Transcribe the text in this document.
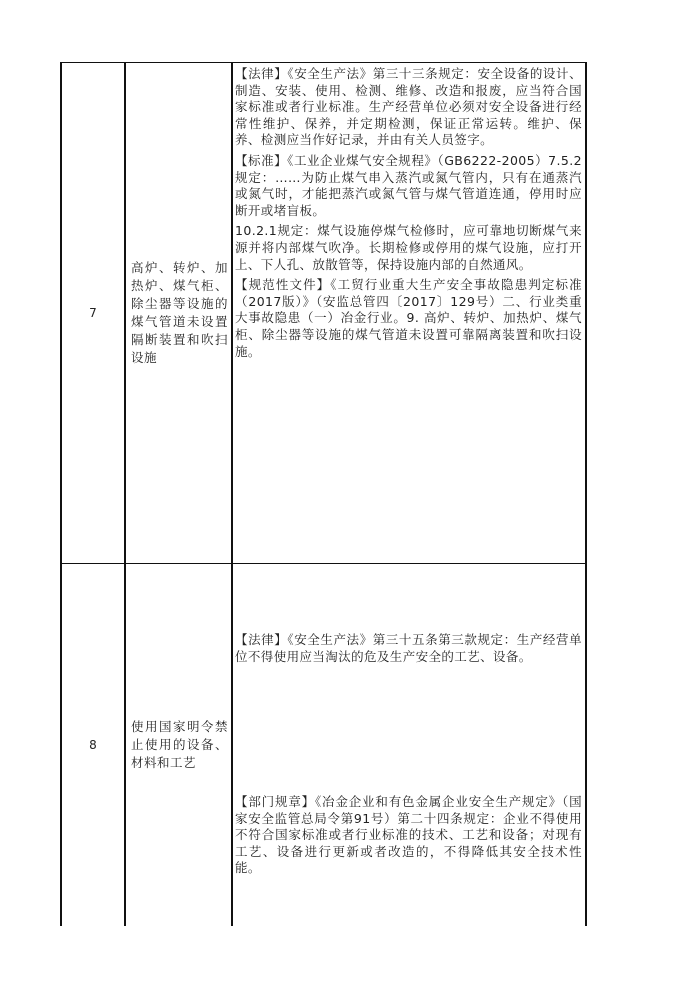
7	高炉、转炉、加热炉、煤气柜、除尘器等设施的煤气管道未设置隔断装置和吹扫设施	【法律】《安全生产法》第三十三条规定：安全设备的设计、制造、安装、使用、检测、维修、改造和报废，应当符合国家标准或者行业标准。生产经营单位必须对安全设备进行经常性维护、保养，并定期检测，保证正常运转。维护、保养、检测应当作好记录，并由有关人员签字。

【标准】《工业企业煤气安全规程》（GB6222-2005）7.5.2规定：……为防止煤气串入蒸汽或氮气管内，只有在通蒸汽或氮气时，才能把蒸汽或氮气管与煤气管道连通，停用时应断开或堵盲板。

10.2.1规定：煤气设施停煤气检修时，应可靠地切断煤气来源并将内部煤气吹净。长期检修或停用的煤气设施，应打开上、下人孔、放散管等，保持设施内部的自然通风。

【规范性文件】《工贸行业重大生产安全事故隐患判定标准（2017版）》（安监总管四〔2017〕129号）二、行业类重大事故隐患（一）冶金行业。9. 高炉、转炉、加热炉、煤气柜、除尘器等设施的煤气管道未设置可靠隔离装置和吹扫设施。

8	使用国家明令禁止使用的设备、材料和工艺	【法律】《安全生产法》第三十五条第三款规定：生产经营单位不得使用应当淘汰的危及生产安全的工艺、设备。

【部门规章】《冶金企业和有色金属企业安全生产规定》（国家安全监管总局令第91号）第二十四条规定：企业不得使用不符合国家标准或者行业标准的技术、工艺和设备；对现有工艺、设备进行更新或者改造的，不得降低其安全技术性能。
